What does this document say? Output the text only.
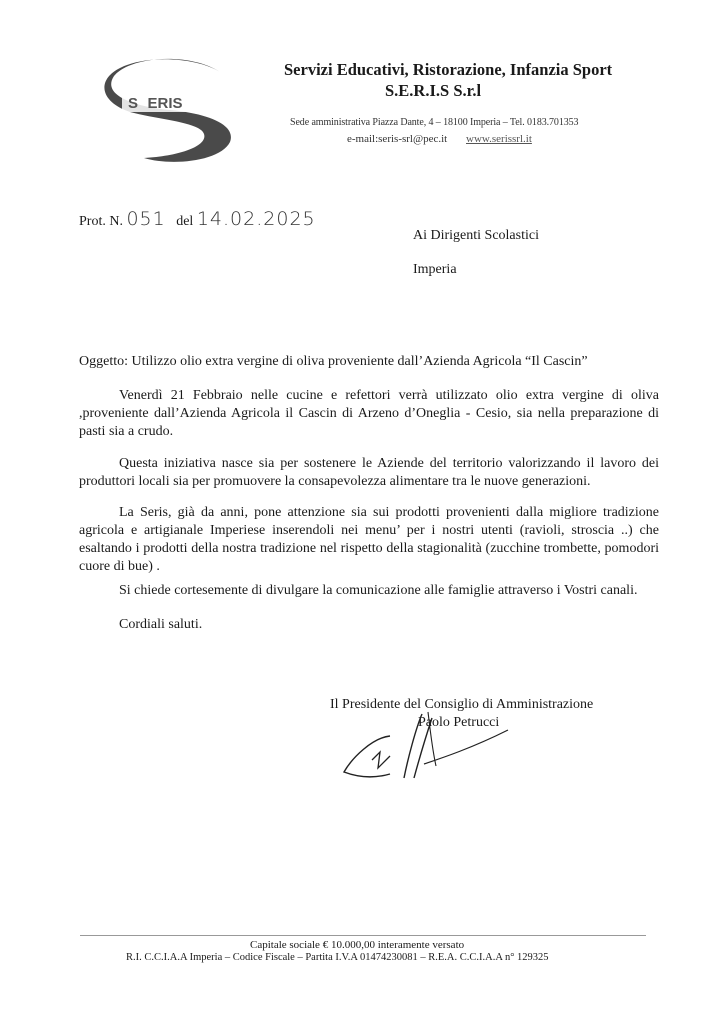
ERIS
S
Servizi Educativi, Ristorazione, Infanzia Sport
S.E.R.I.S S.r.l
Sede amministrativa Piazza Dante, 4 – 18100 Imperia – Tel. 0183.701353
e-mail:seris-srl@pec.it www.serissrl.it
Prot. N. 051 del 14.02.2025
Ai Dirigenti Scolastici
Imperia
Oggetto: Utilizzo olio extra vergine di oliva proveniente dall’Azienda Agricola “Il Cascin”
Venerdì 21 Febbraio nelle cucine e refettori verrà utilizzato olio extra vergine di oliva ,proveniente dall’Azienda Agricola il Cascin di Arzeno d’Oneglia - Cesio, sia nella preparazione di pasti sia a crudo.
Questa iniziativa nasce sia per sostenere le Aziende del territorio valorizzando il lavoro dei produttori locali sia per promuovere la consapevolezza alimentare tra le nuove generazioni.
La Seris, già da anni, pone attenzione sia sui prodotti provenienti dalla migliore tradizione agricola e artigianale Imperiese inserendoli nei menu’ per i nostri utenti (ravioli, stroscia ..) che esaltando i prodotti della nostra tradizione nel rispetto della stagionalità (zucchine trombette, pomodori cuore di bue) .
Si chiede cortesemente di divulgare la comunicazione alle famiglie attraverso i Vostri canali.
Cordiali saluti.
Il Presidente del Consiglio di Amministrazione
Paolo Petrucci
Capitale sociale € 10.000,00 interamente versato
R.I. C.C.I.A.A Imperia – Codice Fiscale – Partita I.V.A 01474230081 – R.E.A. C.C.I.A.A n° 129325
